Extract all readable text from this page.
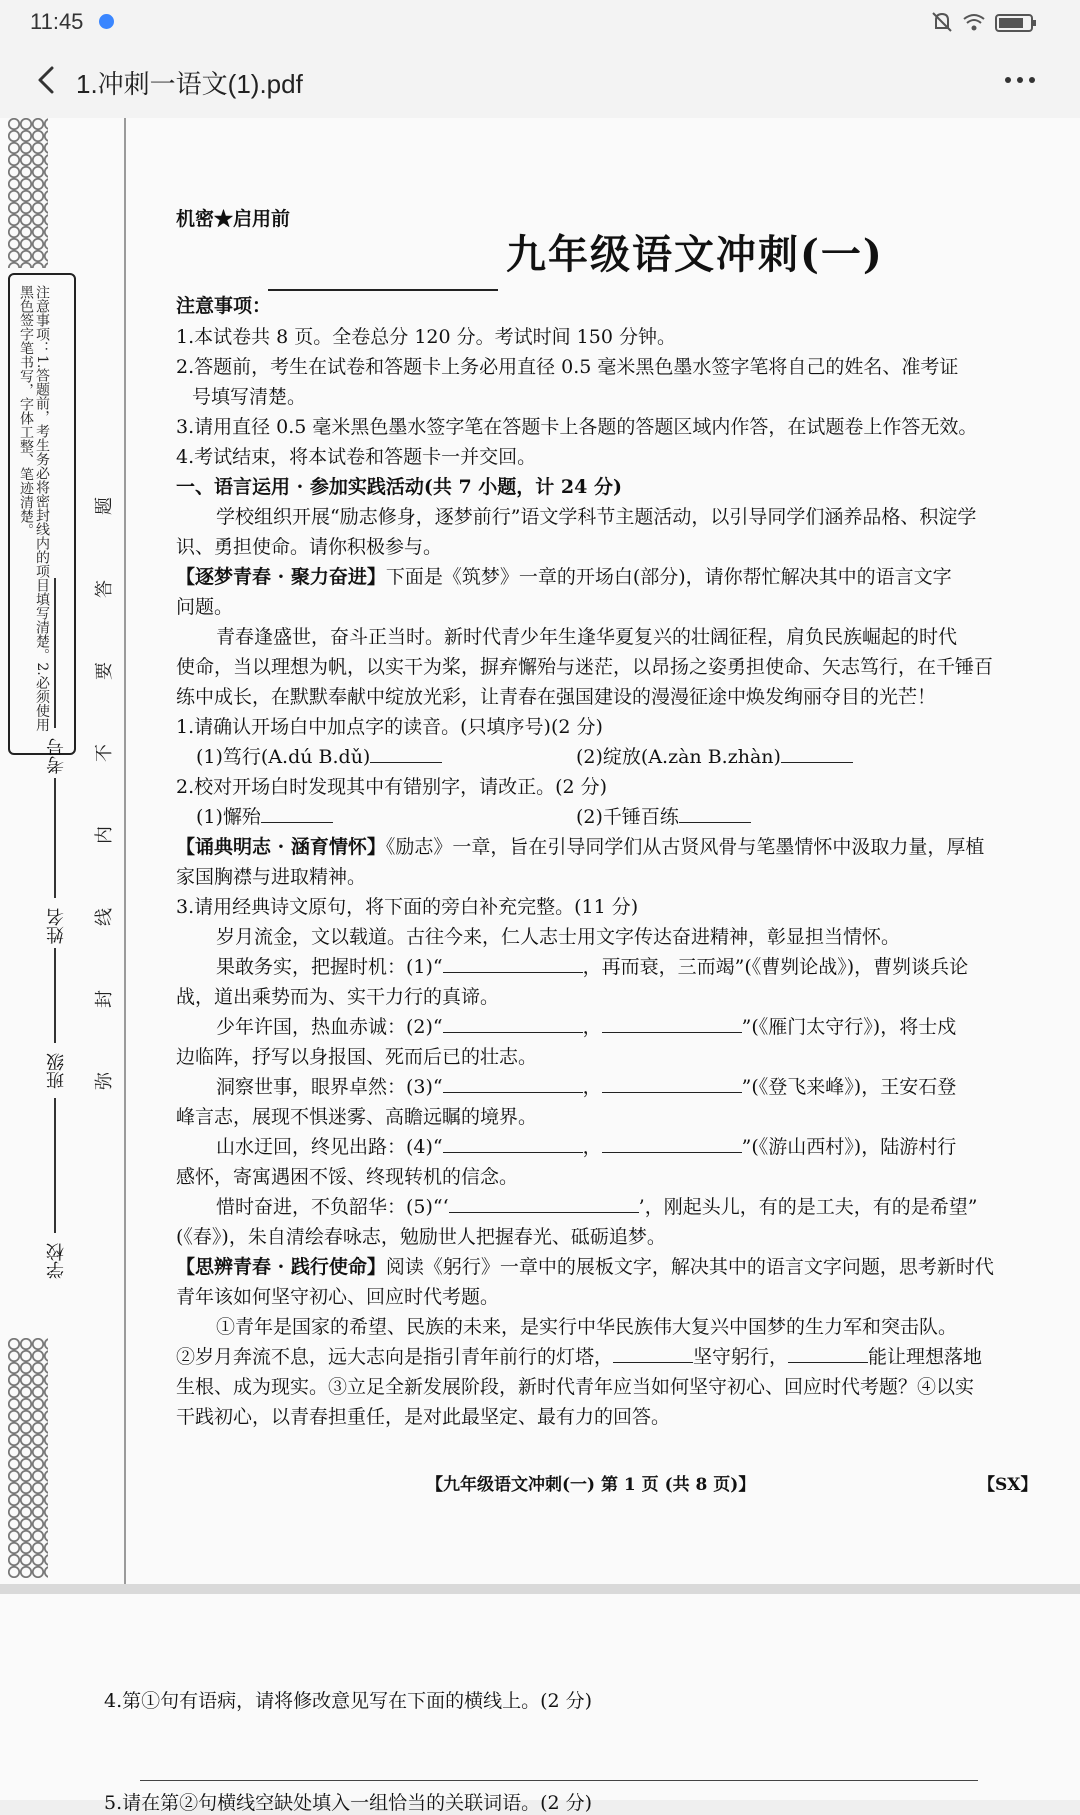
11:45
1.冲刺一语文(1).pdf
注意事项：1.答题前，考生务必将密封线内的项目填写清楚。2.必须使用黑色签字笔书写，字体工整、笔迹清楚。
考号
姓名
班级
学校
题
答
要
不
内
线
封
弥
机密★启用前
九年级语文冲刺(一)
注意事项：
1.本试卷共 8 页。全卷总分 120 分。考试时间 150 分钟。
2.答题前，考生在试卷和答题卡上务必用直径 0.5 毫米黑色墨水签字笔将自己的姓名、准考证
号填写清楚。
3.请用直径 0.5 毫米黑色墨水签字笔在答题卡上各题的答题区域内作答，在试题卷上作答无效。
4.考试结束，将本试卷和答题卡一并交回。
一、语言运用 · 参加实践活动(共 7 小题，计 24 分)
学校组织开展“励志修身，逐梦前行”语文学科节主题活动，以引导同学们涵养品格、积淀学
识、勇担使命。请你积极参与。
【逐梦青春 · 聚力奋进】下面是《筑梦》一章的开场白(部分)，请你帮忙解决其中的语言文字
问题。
青春逢盛世，奋斗正当时。新时代青少年生逢华夏复兴的壮阔征程，肩负民族崛起的时代
使命，当以理想为帆，以实干为桨，摒弃懈殆与迷茫，以昂扬之姿勇担使命、矢志笃行，在千锤百
练中成长，在默默奉献中绽放光彩，让青春在强国建设的漫漫征途中焕发绚丽夺目的光芒！
1.请确认开场白中加点字的读音。(只填序号)(2 分)
(1)笃行(A.dú B.dǔ)	(2)绽放(A.zàn B.zhàn)
2.校对开场白时发现其中有错别字，请改正。(2 分)
(1)懈殆	(2)千锤百练
【诵典明志 · 涵育情怀】《励志》一章，旨在引导同学们从古贤风骨与笔墨情怀中汲取力量，厚植
家国胸襟与进取精神。
3.请用经典诗文原句，将下面的旁白补充完整。(11 分)
岁月流金，文以载道。古往今来，仁人志士用文字传达奋进精神，彰显担当情怀。
果敢务实，把握时机：(1)“	，再而衰，三而竭”(《曹刿论战》)，曹刿谈兵论
战，道出乘势而为、实干力行的真谛。
少年许国，热血赤诚：(2)“	，	”(《雁门太守行》)，将士戍
边临阵，抒写以身报国、死而后已的壮志。
洞察世事，眼界卓然：(3)“	，	”(《登飞来峰》)，王安石登
峰言志，展现不惧迷雾、高瞻远瞩的境界。
山水迂回，终见出路：(4)“	，	”(《游山西村》)，陆游村行
感怀，寄寓遇困不馁、终现转机的信念。
惜时奋进，不负韶华：(5)“‘	’，刚起头儿，有的是工夫，有的是希望”
(《春》)，朱自清绘春咏志，勉励世人把握春光、砥砺追梦。
【思辨青春 · 践行使命】阅读《躬行》一章中的展板文字，解决其中的语言文字问题，思考新时代
青年该如何坚守初心、回应时代考题。
①青年是国家的希望、民族的未来，是实行中华民族伟大复兴中国梦的生力军和突击队。
②岁月奔流不息，远大志向是指引青年前行的灯塔，	坚守躬行，	能让理想落地
生根、成为现实。③立足全新发展阶段，新时代青年应当如何坚守初心、回应时代考题？④以实
干践初心，以青春担重任，是对此最坚定、最有力的回答。
【九年级语文冲刺(一) 第 1 页 (共 8 页)】	【SX】
4.第①句有语病，请将修改意见写在下面的横线上。(2 分)
5.请在第②句横线空缺处填入一组恰当的关联词语。(2 分)
